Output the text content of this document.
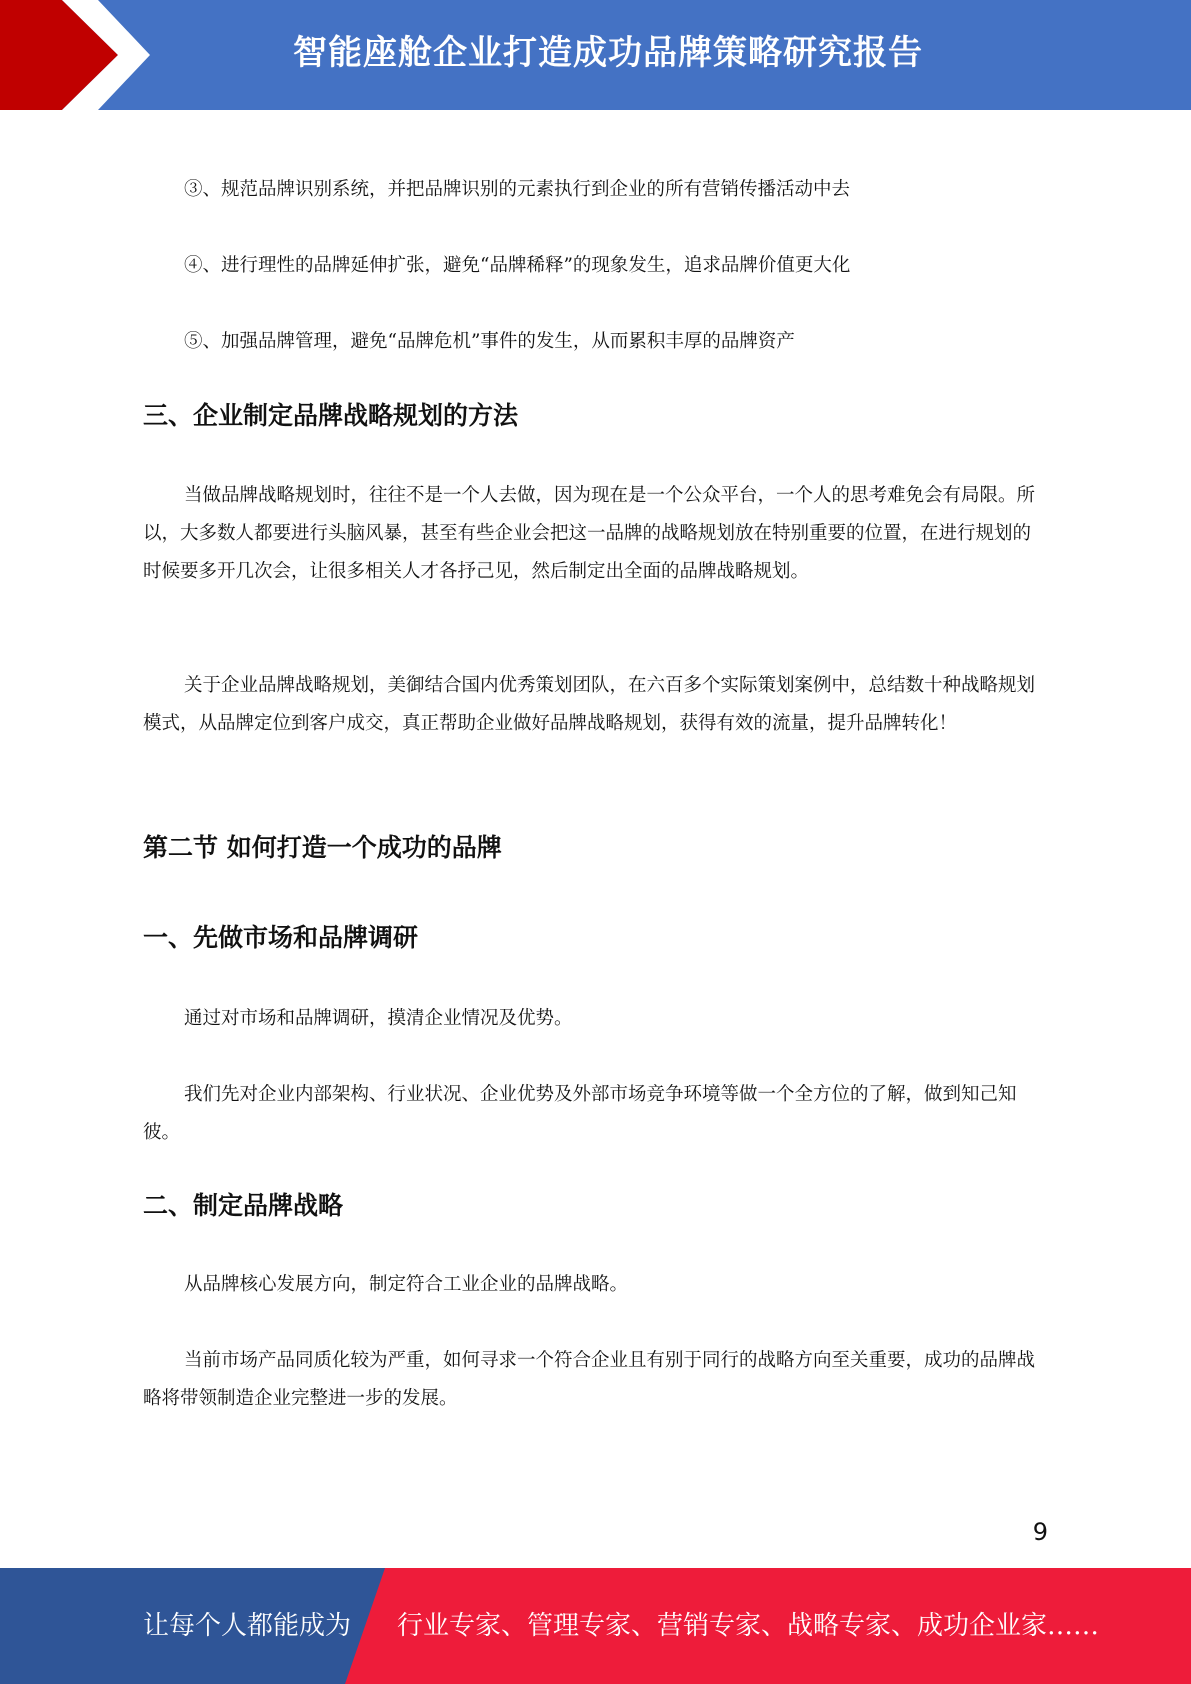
智能座舱企业打造成功品牌策略研究报告

③、规范品牌识别系统，并把品牌识别的元素执行到企业的所有营销传播活动中去

④、进行理性的品牌延伸扩张，避免“品牌稀释”的现象发生，追求品牌价值更大化

⑤、加强品牌管理，避免“品牌危机”事件的发生，从而累积丰厚的品牌资产

三、企业制定品牌战略规划的方法

当做品牌战略规划时，往往不是一个人去做，因为现在是一个公众平台，一个人的思考难免会有局限。所以，大多数人都要进行头脑风暴，甚至有些企业会把这一品牌的战略规划放在特别重要的位置，在进行规划的时候要多开几次会，让很多相关人才各抒己见，然后制定出全面的品牌战略规划。

关于企业品牌战略规划，美御结合国内优秀策划团队，在六百多个实际策划案例中，总结数十种战略规划模式，从品牌定位到客户成交，真正帮助企业做好品牌战略规划，获得有效的流量，提升品牌转化！

第二节 如何打造一个成功的品牌
一、先做市场和品牌调研

通过对市场和品牌调研，摸清企业情况及优势。

我们先对企业内部架构、行业状况、企业优势及外部市场竞争环境等做一个全方位的了解，做到知己知彼。

二、制定品牌战略

从品牌核心发展方向，制定符合工业企业的品牌战略。

当前市场产品同质化较为严重，如何寻求一个符合企业且有别于同行的战略方向至关重要，成功的品牌战略将带领制造企业完整进一步的发展。

9
让每个人都能成为 行业专家、管理专家、营销专家、战略专家、成功企业家……
